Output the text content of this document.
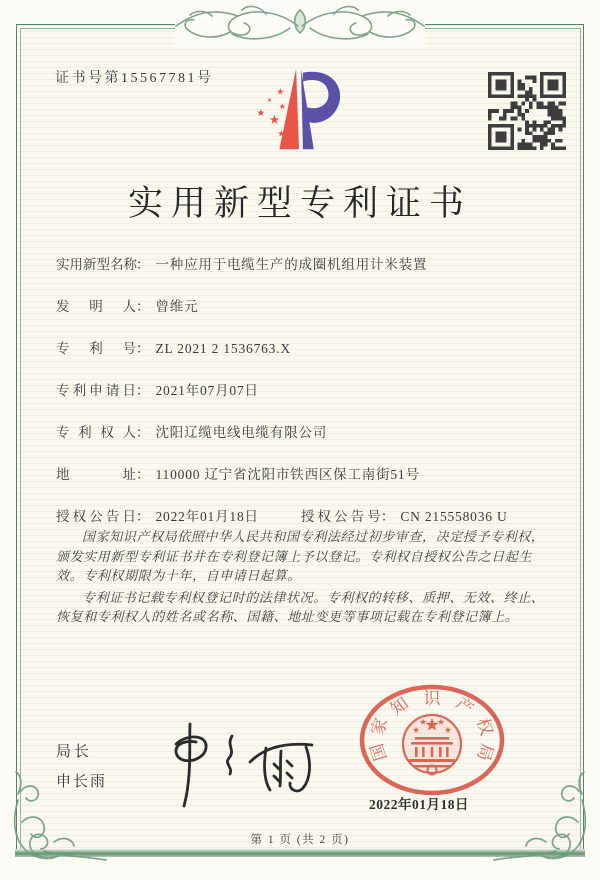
证书号第15567781号
★
★
★
★ ★
★
实用新型专利证书
实用新型名称： 一种应用于电缆生产的成圈机组用计米装置
发明人： 曾维元
专利号： ZL 2021 2 1536763.X
专利申请日： 2021年07月07日
专利权人： 沈阳辽缆电线电缆有限公司
地址： 110000 辽宁省沈阳市铁西区保工南街51号
授权公告日： 2022年01月18日	授权公告号： CN 215558036 U

国家知识产权局依照中华人民共和国专利法经过初步审查，决定授予专利权，颁发实用新型专利证书并在专利登记簿上予以登记。专利权自授权公告之日起生效。专利权期限为十年，自申请日起算。

专利证书记载专利权登记时的法律状况。专利权的转移、质押、无效、终止、恢复和专利权人的姓名或名称、国籍、地址变更等事项记载在专利登记簿上。

局长
申长雨
国
家
知 识 产
权
局
2022年01月18日
第 1 页 (共 2 页)
